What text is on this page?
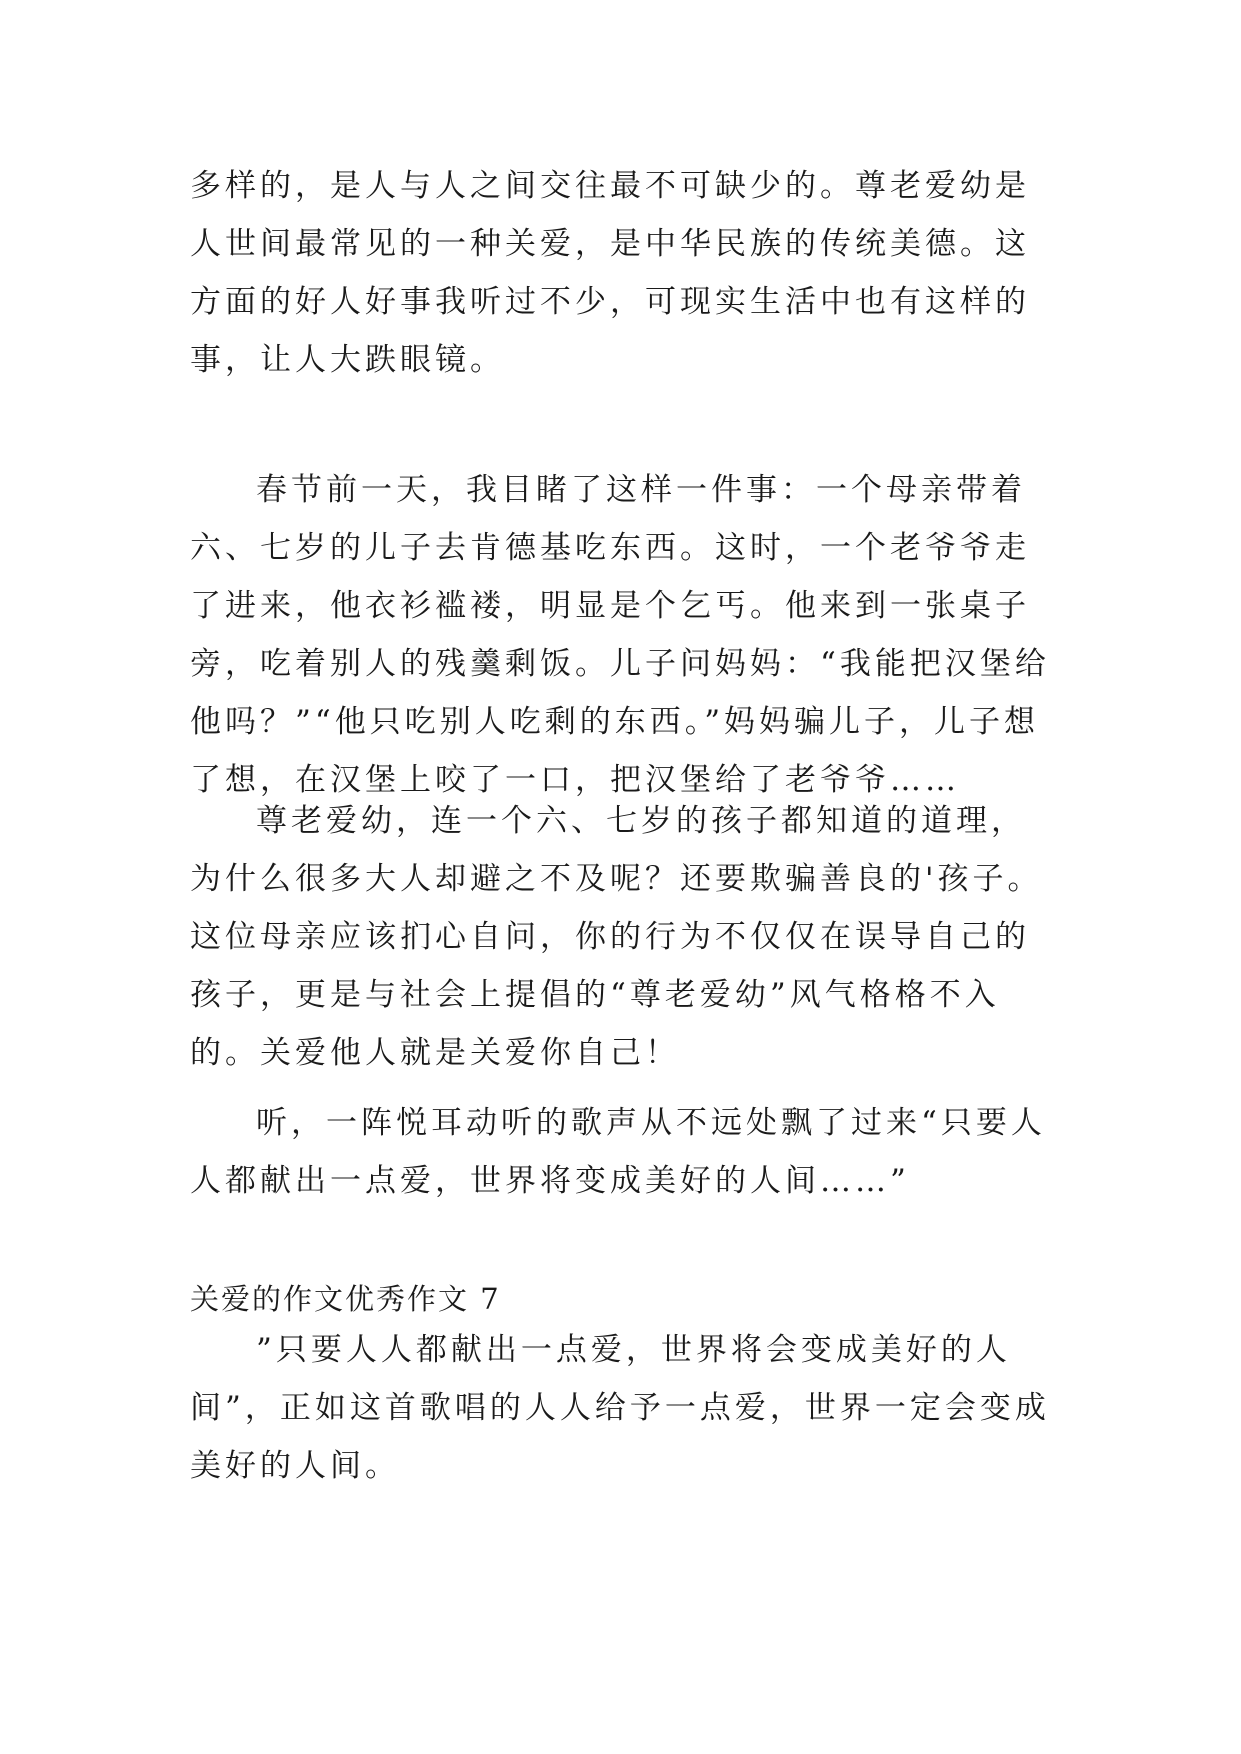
多样的，是人与人之间交往最不可缺少的。尊老爱幼是人世间最常见的一种关爱，是中华民族的传统美德。这方面的好人好事我听过不少，可现实生活中也有这样的事，让人大跌眼镜。

春节前一天，我目睹了这样一件事：一个母亲带着六、七岁的儿子去肯德基吃东西。这时，一个老爷爷走了进来，他衣衫褴褛，明显是个乞丐。他来到一张桌子旁，吃着别人的残羹剩饭。儿子问妈妈：“我能把汉堡给他吗？”“他只吃别人吃剩的东西。”妈妈骗儿子，儿子想了想，在汉堡上咬了一口，把汉堡给了老爷爷……

尊老爱幼，连一个六、七岁的孩子都知道的道理，为什么很多大人却避之不及呢？还要欺骗善良的'孩子。这位母亲应该扪心自问，你的行为不仅仅在误导自己的孩子，更是与社会上提倡的“尊老爱幼”风气格格不入的。关爱他人就是关爱你自己！

听，一阵悦耳动听的歌声从不远处飘了过来“只要人人都献出一点爱，世界将变成美好的人间……”

关爱的作文优秀作文 7

”只要人人都献出一点爱，世界将会变成美好的人间”，正如这首歌唱的人人给予一点爱，世界一定会变成美好的人间。
